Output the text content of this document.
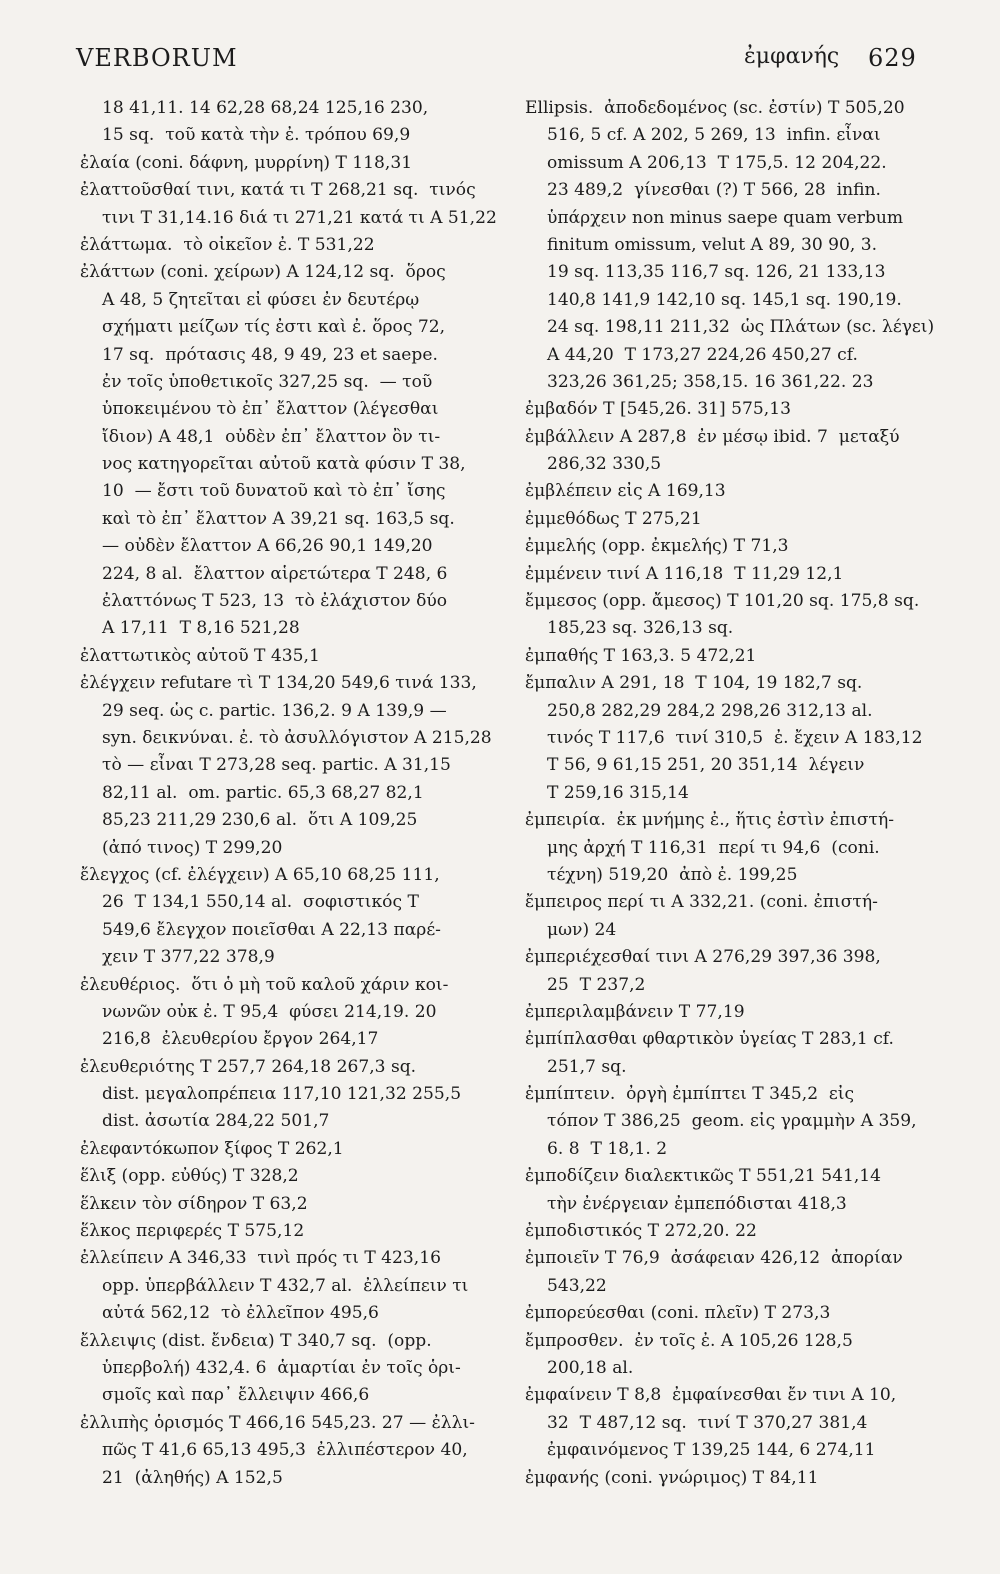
VERBORUM	ἐμφανής 629
18 41,11. 14 62,28 68,24 125,16 230,
15 sq.  τοῦ κατὰ τὴν ἐ. τρόπου 69,9
ἐλαία (coni. δάφνη, μυρρίνη) T 118,31
ἐλαττοῦσθαί τινι, κατά τι T 268,21 sq.  τινός
τινι T 31,14.16 διά τι 271,21 κατά τι A 51,22
ἐλάττωμα.  τὸ οἰκεῖον ἐ. T 531,22
ἐλάττων (coni. χείρων) A 124,12 sq.  ὅρος
A 48, 5 ζητεῖται εἰ φύσει ἐν δευτέρῳ
σχήματι μείζων τίς ἐστι καὶ ἐ. ὅρος 72,
17 sq.  πρότασις 48, 9 49, 23 et saepe.
ἐν τοῖς ὑποθετικοῖς 327,25 sq.  — τοῦ
ὑποκειμένου τὸ ἐπ᾽ ἔλαττον (λέγεσθαι
ἴδιον) A 48,1  οὐδὲν ἐπ᾽ ἔλαττον ὂν τι-
νος κατηγορεῖται αὐτοῦ κατὰ φύσιν T 38,
10  — ἔστι τοῦ δυνατοῦ καὶ τὸ ἐπ᾽ ἴσης
καὶ τὸ ἐπ᾽ ἔλαττον A 39,21 sq. 163,5 sq.
— οὐδὲν ἔλαττον A 66,26 90,1 149,20
224, 8 al.  ἔλαττον αἱρετώτερα T 248, 6
ἐλαττόνως T 523, 13  τὸ ἐλάχιστον δύο
A 17,11  T 8,16 521,28
ἐλαττωτικὸς αὐτοῦ T 435,1
ἐλέγχειν refutare τὶ T 134,20 549,6 τινά 133,
29 seq. ὡς c. partic. 136,2. 9 A 139,9 —
syn. δεικνύναι. ἐ. τὸ ἀσυλλόγιστον A 215,28
τὸ — εἶναι T 273,28 seq. partic. A 31,15
82,11 al.  om. partic. 65,3 68,27 82,1
85,23 211,29 230,6 al.  ὅτι A 109,25
(ἀπό τινος) T 299,20
ἔλεγχος (cf. ἐλέγχειν) A 65,10 68,25 111,
26  T 134,1 550,14 al.  σοφιστικός T
549,6 ἔλεγχον ποιεῖσθαι A 22,13 παρέ-
χειν T 377,22 378,9
ἐλευθέριος.  ὅτι ὁ μὴ τοῦ καλοῦ χάριν κοι-
νωνῶν οὐκ ἐ. T 95,4  φύσει 214,19. 20
216,8  ἐλευθερίου ἔργον 264,17
ἐλευθεριότης T 257,7 264,18 267,3 sq.
dist. μεγαλοπρέπεια 117,10 121,32 255,5
dist. ἀσωτία 284,22 501,7
ἐλεφαντόκωπον ξίφος T 262,1
ἕλιξ (opp. εὐθύς) T 328,2
ἕλκειν τὸν σίδηρον T 63,2
ἕλκος περιφερές T 575,12
ἐλλείπειν A 346,33  τινὶ πρός τι T 423,16
opp. ὑπερβάλλειν T 432,7 al.  ἐλλείπειν τι
αὐτά 562,12  τὸ ἐλλεῖπον 495,6
ἔλλειψις (dist. ἔνδεια) T 340,7 sq.  (opp.
ὑπερβολή) 432,4. 6  ἁμαρτίαι ἐν τοῖς ὁρι-
σμοῖς καὶ παρ᾽ ἔλλειψιν 466,6
ἐλλιπὴς ὁρισμός T 466,16 545,23. 27 — ἐλλι-
πῶς T 41,6 65,13 495,3  ἐλλιπέστερον 40,
21  (ἀληθής) A 152,5
Ellipsis.  ἀποδεδομένος (sc. ἐστίν) T 505,20
516, 5 cf. A 202, 5 269, 13  infin. εἶναι
omissum A 206,13  T 175,5. 12 204,22.
23 489,2  γίνεσθαι (?) T 566, 28  infin.
ὑπάρχειν non minus saepe quam verbum
finitum omissum, velut A 89, 30 90, 3.
19 sq. 113,35 116,7 sq. 126, 21 133,13
140,8 141,9 142,10 sq. 145,1 sq. 190,19.
24 sq. 198,11 211,32  ὡς Πλάτων (sc. λέγει)
A 44,20  T 173,27 224,26 450,27 cf.
323,26 361,25; 358,15. 16 361,22. 23
ἐμβαδόν T [545,26. 31] 575,13
ἐμβάλλειν A 287,8  ἐν μέσῳ ibid. 7  μεταξύ
286,32 330,5
ἐμβλέπειν εἰς A 169,13
ἐμμεθόδως T 275,21
ἐμμελής (opp. ἐκμελής) T 71,3
ἐμμένειν τινί A 116,18  T 11,29 12,1
ἔμμεσος (opp. ἄμεσος) T 101,20 sq. 175,8 sq.
185,23 sq. 326,13 sq.
ἐμπαθής T 163,3. 5 472,21
ἔμπαλιν A 291, 18  T 104, 19 182,7 sq.
250,8 282,29 284,2 298,26 312,13 al.
τινός T 117,6  τινί 310,5  ἐ. ἔχειν A 183,12
T 56, 9 61,15 251, 20 351,14  λέγειν
T 259,16 315,14
ἐμπειρία.  ἐκ μνήμης ἐ., ἥτις ἐστὶν ἐπιστή-
μης ἀρχή T 116,31  περί τι 94,6  (coni.
τέχνη) 519,20  ἀπὸ ἐ. 199,25
ἔμπειρος περί τι A 332,21. (coni. ἐπιστή-
μων) 24
ἐμπεριέχεσθαί τινι A 276,29 397,36 398,
25  T 237,2
ἐμπεριλαμβάνειν T 77,19
ἐμπίπλασθαι φθαρτικὸν ὑγείας T 283,1 cf.
251,7 sq.
ἐμπίπτειν.  ὀργὴ ἐμπίπτει T 345,2  εἰς
τόπον T 386,25  geom. εἰς γραμμὴν A 359,
6. 8  T 18,1. 2
ἐμποδίζειν διαλεκτικῶς T 551,21 541,14
τὴν ἐνέργειαν ἐμπεπόδισται 418,3
ἐμποδιστικός T 272,20. 22
ἐμποιεῖν T 76,9  ἀσάφειαν 426,12  ἀπορίαν
543,22
ἐμπορεύεσθαι (coni. πλεῖν) T 273,3
ἔμπροσθεν.  ἐν τοῖς ἐ. A 105,26 128,5
200,18 al.
ἐμφαίνειν T 8,8  ἐμφαίνεσθαι ἔν τινι A 10,
32  T 487,12 sq.  τινί T 370,27 381,4
ἐμφαινόμενος T 139,25 144, 6 274,11
ἐμφανής (coni. γνώριμος) T 84,11
